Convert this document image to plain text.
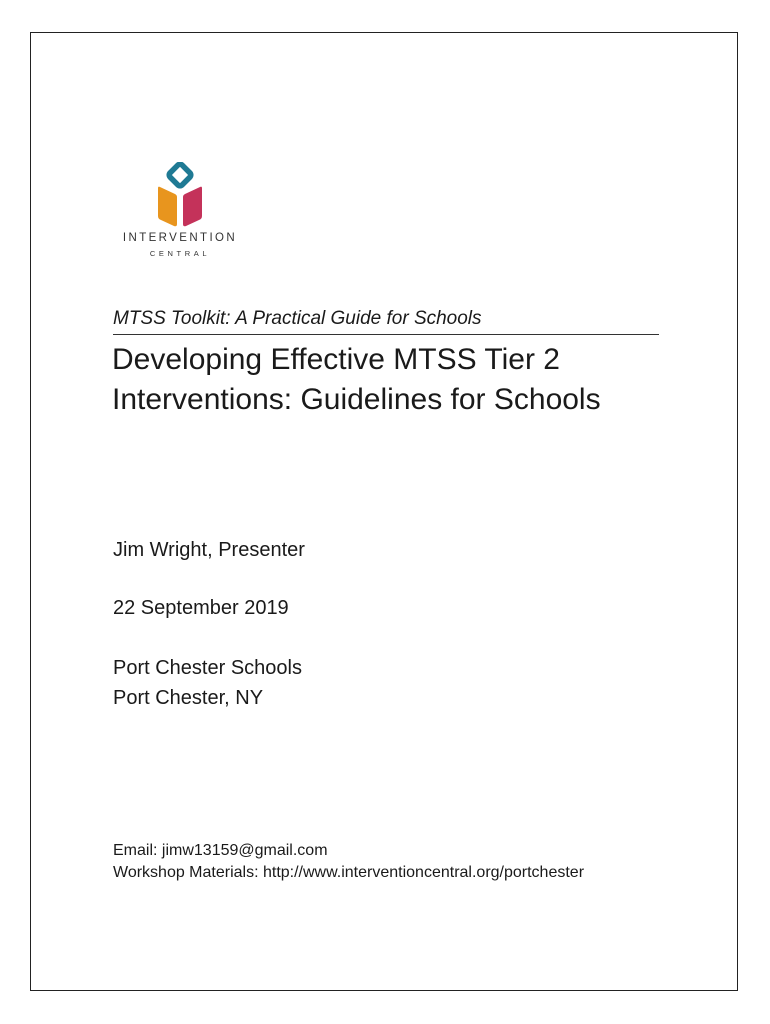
INTERVENTION
CENTRAL
MTSS Toolkit: A Practical Guide for Schools
Developing Effective MTSS Tier 2
Interventions: Guidelines for Schools
Jim Wright, Presenter
22 September 2019
Port Chester Schools
Port Chester, NY
Email: jimw13159@gmail.com
Workshop Materials: http://www.interventioncentral.org/portchester
